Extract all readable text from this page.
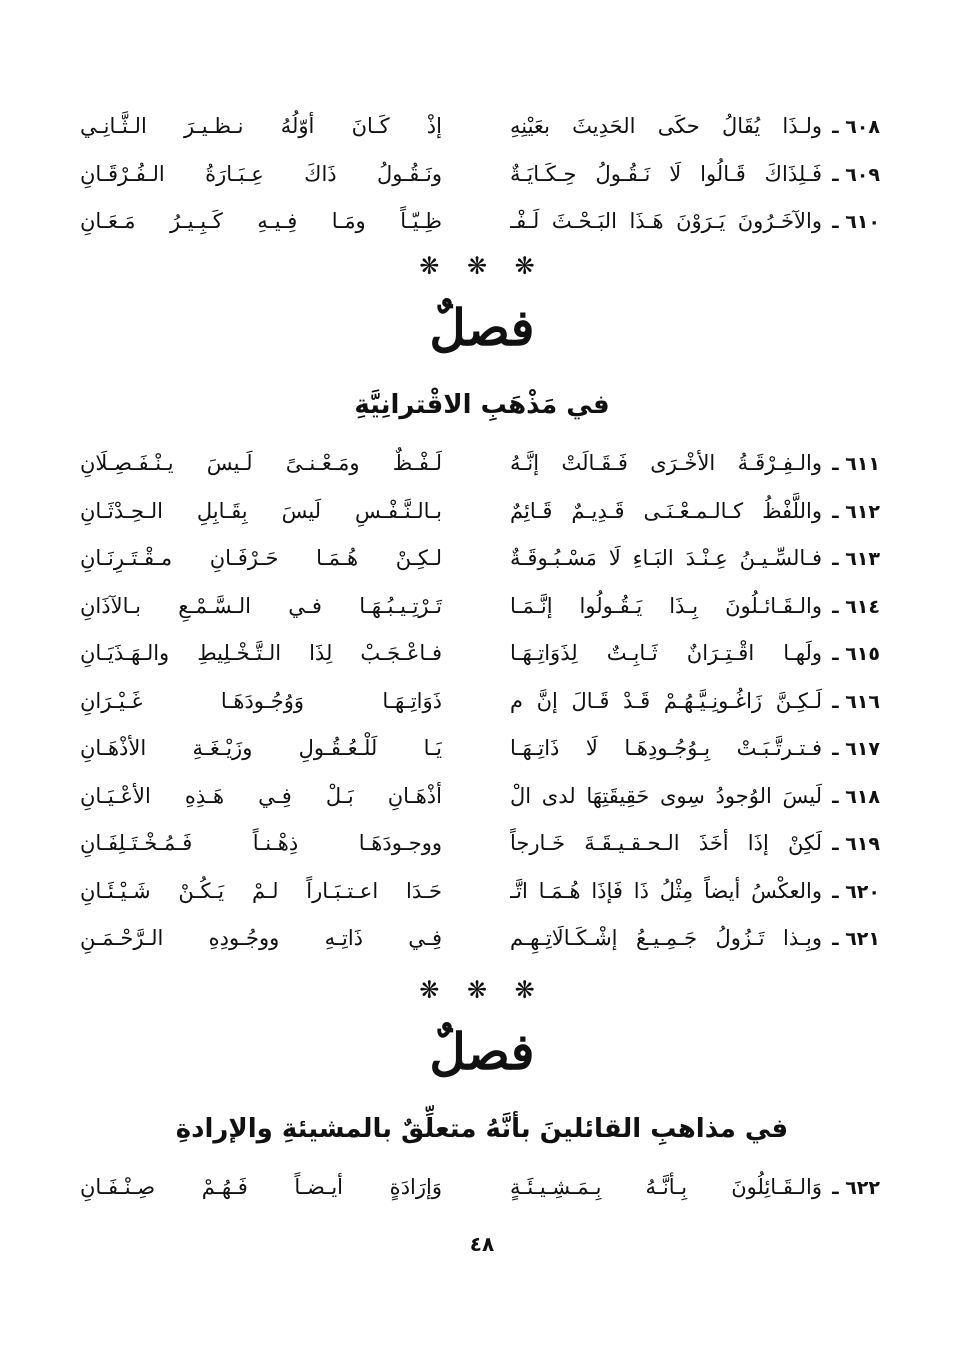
٦٠٨ ـ
ولـذَا يُقَالُ حكَى الحَدِيثَ بعَيْنِهِ
إذْ كَـانَ أوّلُهُ نـظـيـرَ الـثَّـانِـي
٦٠٩ ـ
فَـلِذَاكَ قَـالُوا لَا نَـقُـولُ حِـكَـايَـةٌ
ونَـقُـولُ ذَاكَ عِـبَـارَةُ الـفُـرْقَـانِ
٦١٠ ـ
والآخَـرُونَ يَـرَوْنَ هَـذَا البَـحْـثَ لَـفْـ
ظِـيّـاً ومَـا فِـيـهِ كَـبِـيـرُ مَـعَـانِ
❋ ❋ ❋
فصلٌ
في مَذْهَبِ الاقْترانِيَّةِ
٦١١ ـ
والـفِـرْقَـةُ الأخْـرَى فَـقَـالَتْ إنَّـهُ
لَـفْـظٌ ومَـعْـنـىً لَـيسَ يـنْـفَـصِـلَانِ
٦١٢ ـ
واللَّفْظُ كـالـمـعْـنَـى قَـدِيـمٌ قَـائِمٌ
بـالـنَّـفْـسِ لَيسَ بِقَـابِلِ الـحِـدْثَـانِ
٦١٣ ـ
فـالسِّـيـنُ عِـنْـدَ البَـاءِ لَا مَسْـبُـوقَـةٌ
لـكِـنْ هُـمَـا حَـرْفَـانِ مـقْـتَـرِنَـانِ
٦١٤ ـ
والـقَـائـلُونَ بِـذَا يَـقُـولُوا إنَّـمَـا
تَـرْتِـيـبُـهَـا فـي الـسَّـمْـعِ بـالآذَانِ
٦١٥ ـ
ولَهـا اقْـتِـرَانٌ ثَـابِـتٌ لِذَوَاتِـهَـا
فـاعْـجَـبْ لِذَا الـتَّـخْـلِيطِ والـهَـذَيَـانِ
٦١٦ ـ
لَـكِـنَّ زَاغُـونِـيَّـهُـمْ قَـدْ قَـالَ إنَّ م
ذَوَاتِـهَـا وَوُجُـودَهَـا غَـيْـرَانِ
٦١٧ ـ
فـتـرتَّـبَـتْ بِـوُجُـودِهَـا لَا ذَاتِـهَـا
يَـا لَلْـعُـقُـولِ وزَيْـغَـةِ الأذْهَـانِ
٦١٨ ـ
لَيسَ الوُجودُ سِوى حَقِيقَتِهَا لدى الْ
أذْهَـانِ بَـلْ فِـي هَـذِهِ الأعْـيَـانِ
٦١٩ ـ
لَكِنْ إذَا أخَذَ الـحـقـيـقَـةَ خَـارجاً
ووجـودَهَـا ذِهْـنـاً فَـمُـخْـتَـلِفَـانِ
٦٢٠ ـ
والعكْسُ أيضاً مِثْلُ ذَا فَإذَا هُـمَـا اتَّـ
حَـدَا اعـتـبَـاراً لـمْ يَـكُـنْ شَـيْـئَـانِ
٦٢١ ـ
وبِـذا تَـزُولُ جَـمِـيـعُ إشْـكَـالَاتِـهِـم
فِـي ذَاتِـهِ ووجُـودِهِ الـرَّحْـمَـنِ
❋ ❋ ❋
فصلٌ
في مذاهبِ القائلينَ بأنَّهُ متعلِّقٌ بالمشيئةِ والإرادةِ
٦٢٢ ـ
وَالـقَـائِلُونَ بِـأنَّـهُ بِـمَـشِـيـئَـةٍ
وَإرَادَةٍ أيـضـاً فَـهُـمْ صِـنْـفَـانِ
٤٨
